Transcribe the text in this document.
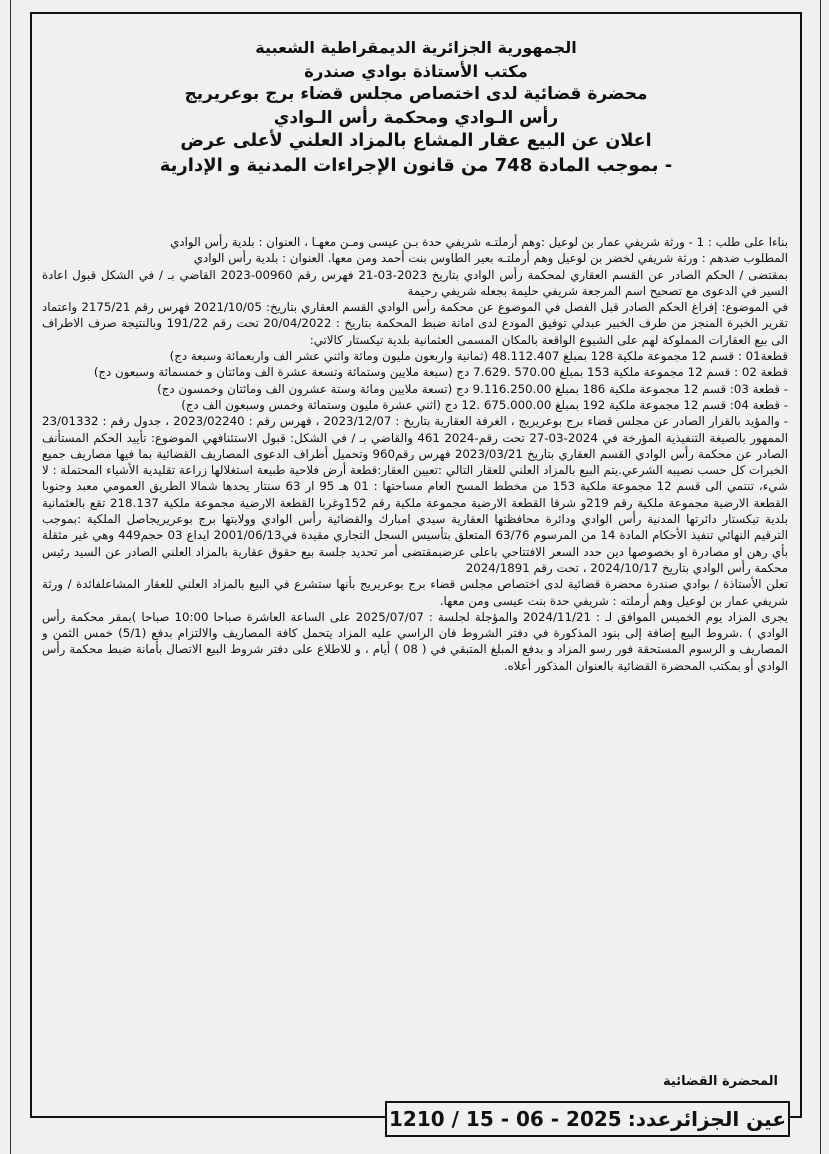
الجمهورية الجزائرية الديمقراطية الشعبية
مكتب الأستاذة بوادي صندرة
محضرة قضائية لدى اختصاص مجلس قضاء برج بوعريريج
رأس الـوادي ومحكمة رأس الـوادي
اعلان عن البيع عقار المشاع بالمزاد العلني لأعلى عرض
- بموجب المادة 748 من قانون الإجراءات المدنية و الإدارية

بناءا على طلب : 1 - ورثة شريفي عمار بن لوعيل :وهم أرملتـه شريفي حدة بـن عيسى ومـن معهـا ، العنوان : بلدية رأس الوادي

المطلوب ضدهم : ورثة شريفي لخضر بن لوعيل وهم أرملتـه بعير الطاوس بنت أحمد ومن معها. العنوان : بلدية رأس الوادي

بمقتضى / الحكم الصادر عن القسم العقاري لمحكمة رأس الوادي بتاريخ 2023-03-21 فهرس رقم 00960-2023 القاضي بـ / في الشكل قبول اعادة السير في الدعوى مع تصحيح اسم المرجعة شريفي حليمة بجعله شريفي رحيمة

في الموضوع: إفراغ الحكم الصادر قبل الفصل في الموضوع عن محكمة رأس الوادي القسم العقاري بتاريخ: 2021/10/05 فهرس رقم 2175/21 واعتماد تقرير الخبرة المنجز من طرف الخبير عبدلي توفيق المودع لدى امانة ضبط المحكمة بتاريخ : 20/04/2022 تحت رقم 191/22 وبالنتيجة صرف الاطراف الى بيع العقارات المملوكة لهم على الشيوع الواقعة بالمكان المسمى العثمانية بلدية تيكستار كالاتي:

قطعة01 : قسم 12 مجموعة ملكية 128 بمبلغ 48.112.407 (ثمانية واربعون مليون ومائة واثني عشر الف واربعمائة وسبعة دج)

قطعة 02 : قسم 12 مجموعة ملكية 153 بمبلغ 570.00 .7.629 دج (سبعة ملايين وستمائة وتسعة عشرة الف ومائتان و خمسمائة وسبعون دج)

- قطعة 03: قسم 12 مجموعة ملكية 186 بمبلغ 9.116.250.00 دج (تسعة ملايين ومائة وستة عشرون الف ومائتان وخمسون دج)

- قطعة 04: قسم 12 مجموعة ملكية 192 بمبلغ 675.000.00 .12 دج (اثني عشرة مليون وستمائة وخمس وسبعون الف دج)

- والمؤيد بالقرار الصادر عن مجلس قضاء برج بوعريريج ، الغرفة العقارية بتاريخ : 2023/12/07 ، فهرس رقم : 2023/02240 ، جدول رقم : 23/01332 الممهور بالصيغة التنفيذية المؤرخة في 2024-03-27 تحت رقم-2024 461 والقاضي بـ / في الشكل: قبول الاستئنافهي الموضوع: تأييد الحكم المستأنف الصادر عن محكمة رأس الوادي القسم العقاري بتاريخ 2023/03/21 فهرس رقم960 وتحميل أطراف الدعوى المصاريف القضائية بما فيها مصاريف جميع الخبرات كل حسب نصيبه الشرعي.يتم البيع بالمزاد العلني للعقار التالي :تعيين العقار:قطعة أرض فلاحية طبيعة استغلالها زراعة تقليدية الأشياء المحتملة : لا شيء، تنتمي الى قسم 12 مجموعة ملكية 153 من مخطط المسح العام مساحتها : 01 هـ 95 ار 63 سنتار يحدها شمالا الطريق العمومي معبد وجنوبا القطعة الارضية مجموعة ملكية رقم 219و شرقا القطعة الارضية مجموعة ملكية رقم 152وغربا القطعة الارضية مجموعة ملكية 218.137 تقع بالعثمانية بلدية تيكستار دائرتها المدنية رأس الوادي ودائرة محافظتها العقارية سيدي امبارك والقضائية رأس الوادي وولايتها برج بوعريريجاصل الملكية :بموجب الترقيم النهائي تنفيذ الأحكام المادة 14 من المرسوم 63/76 المتعلق بتأسيس السجل التجاري مقيدة في2001/06/13 ايداع 03 حجم449 وهي غير مثقلة بأي رهن او مصادرة او بخصوصها دين حدد السعر الافتتاحي باعلى عرضبمقتضى أمر تحديد جلسة بيع حقوق عقارية بالمزاد العلني الصادر عن السيد رئيس محكمة رأس الوادي بتاريخ 2024/10/17 ، تحت رقم 2024/1891

تعلن الأستاذة / بوادي صندرة محضرة قضائية لدى اختصاص مجلس قضاء برج بوعريريج بأنها ستشرع في البيع بالمزاد العلني للعقار المشاعلفائدة / ورثة شريفي عمار بن لوعيل وهم أرملته : شريفي حدة بنت عيسى ومن معها.

يجرى المزاد يوم الخميس الموافق لـ : 2024/11/21 والمؤجلة لجلسة : 2025/07/07 على الساعة العاشرة صباحا 10:00 صباحا )بمقر محكمة رأس الوادي ) .شروط البيع إضافة إلى بنود المذكورة في دفتر الشروط فان الراسي عليه المزاد يتحمل كافة المصاريف والالتزام بدفع (5/1) خمس الثمن و المصاريف و الرسوم المستحقة فور رسو المزاد و بدفع المبلغ المتبقي في ( 08 ) أيام ، و للاطلاع على دفتر شروط البيع الاتصال بأمانة ضبط محكمة رأس الوادي أو بمكتب المحضرة القضائية بالعنوان المذكور أعلاه.

المحضرة القضائية
عين الجزائرعدد:
1210 / 15 - 06 - 2025
